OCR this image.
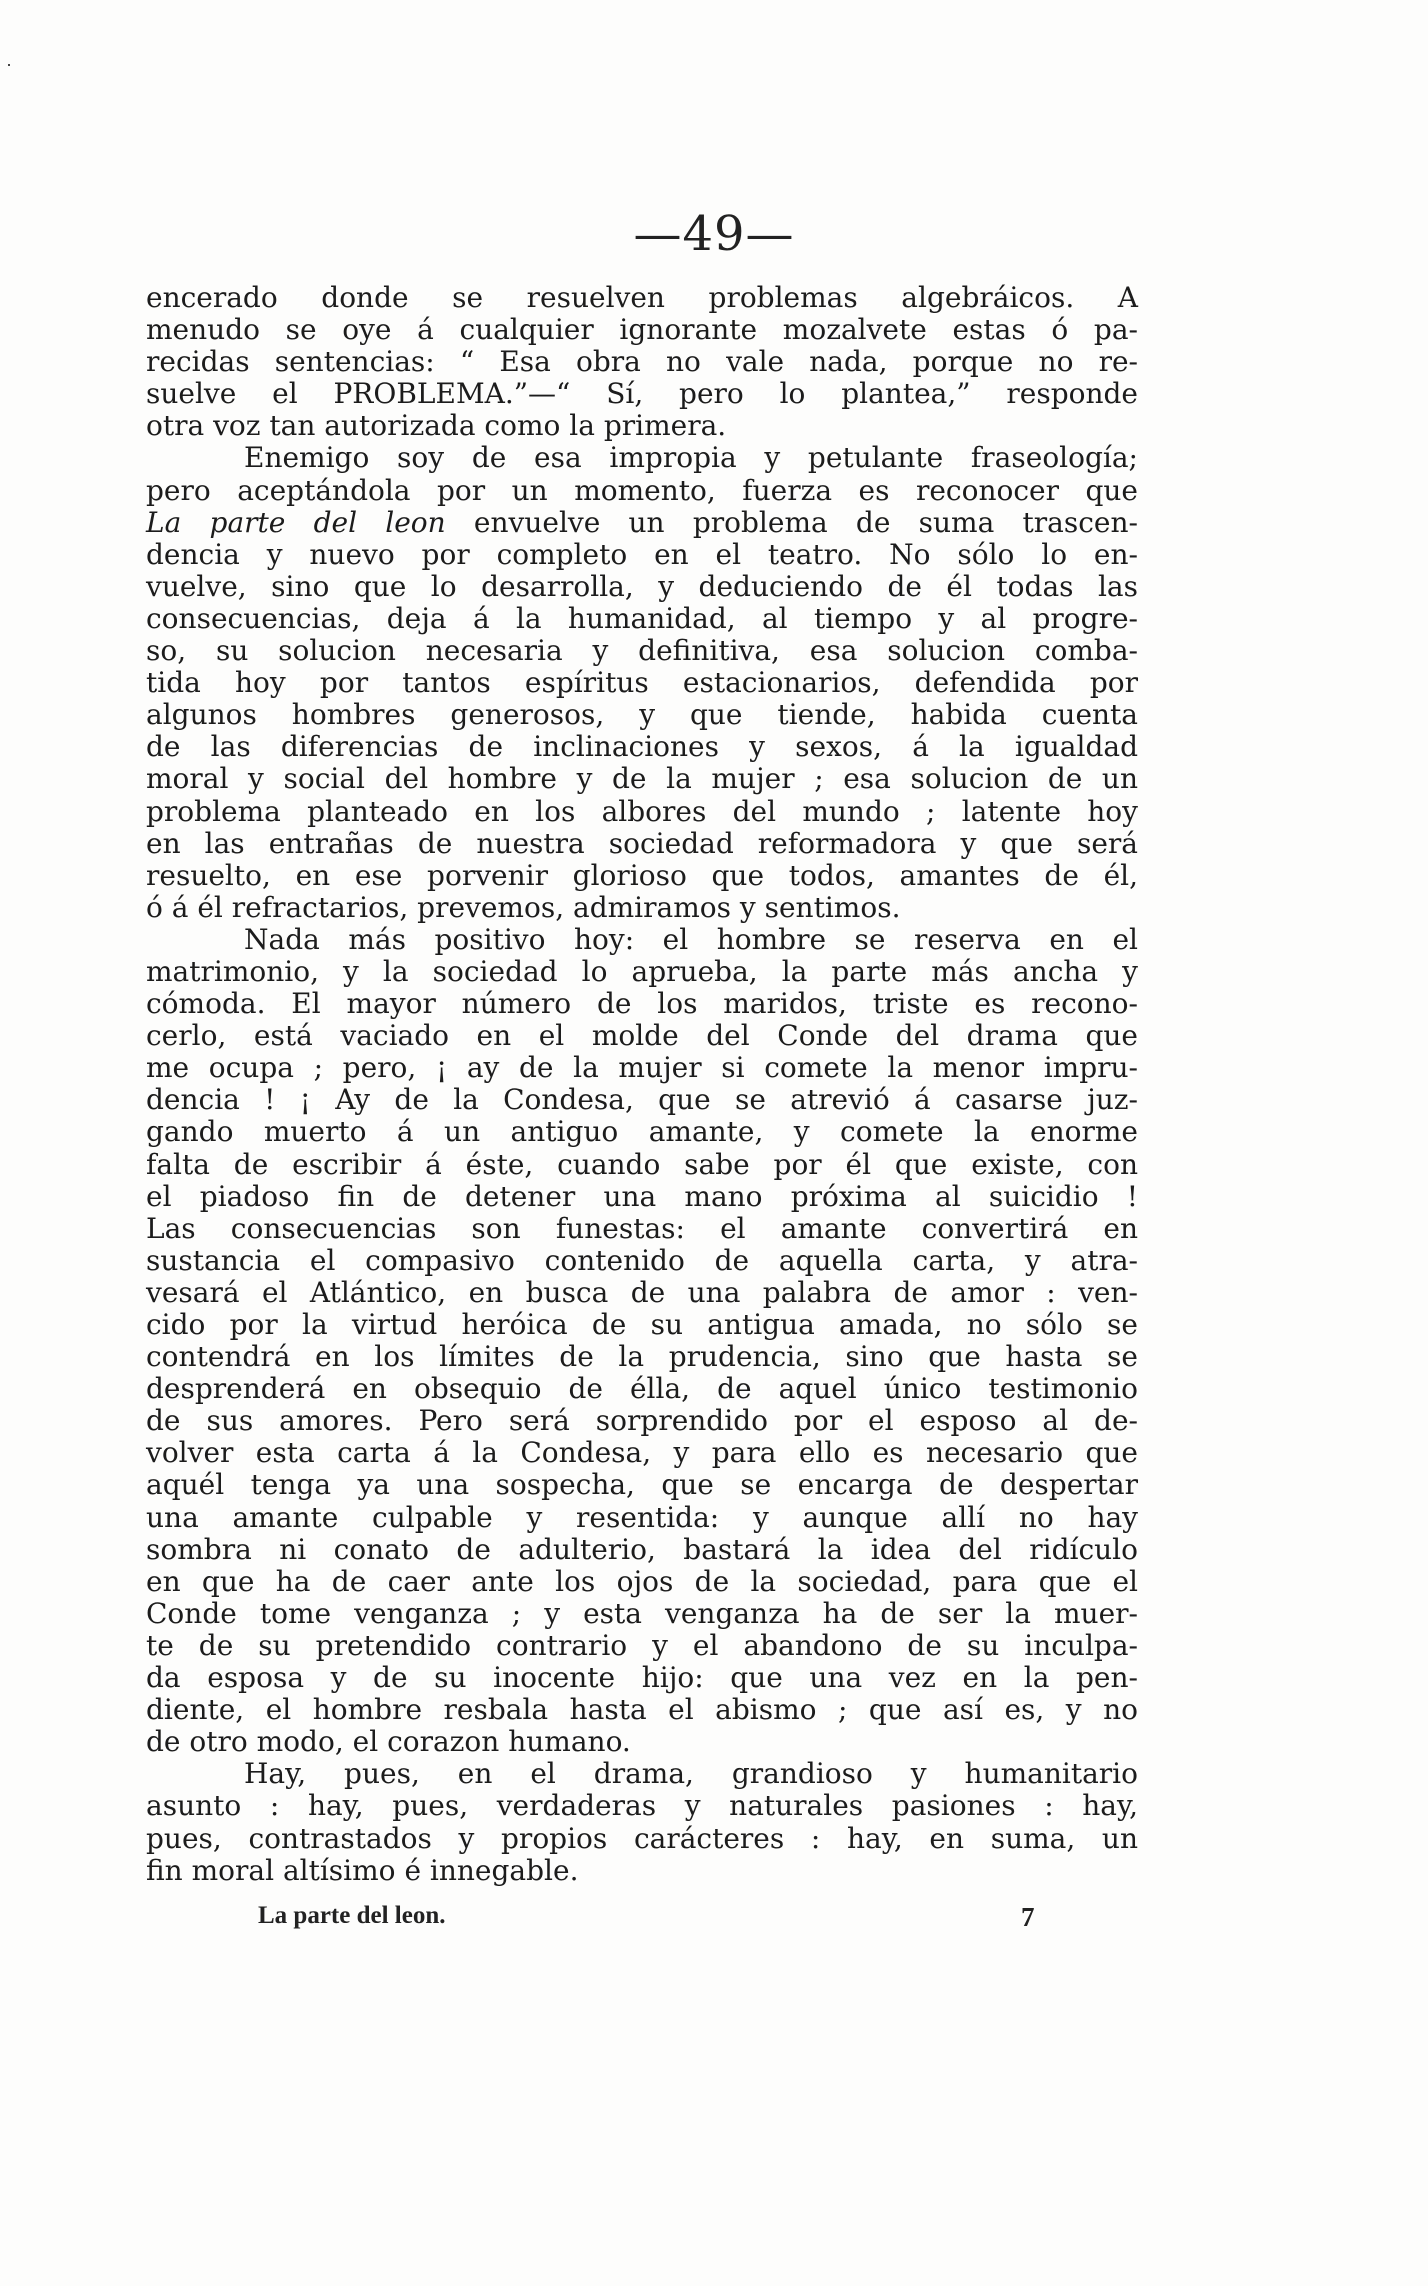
—49—
encerado donde se resuelven problemas algebráicos. A
menudo se oye á cualquier ignorante mozalvete estas ó pa-
recidas sentencias: “ Esa obra no vale nada, porque no re-
suelve el PROBLEMA.”—“ Sí, pero lo plantea,” responde
otra voz tan autorizada como la primera.
Enemigo soy de esa impropia y petulante fraseología;
pero aceptándola por un momento, fuerza es reconocer que
La parte del leon envuelve un problema de suma trascen-
dencia y nuevo por completo en el teatro. No sólo lo en-
vuelve, sino que lo desarrolla, y deduciendo de él todas las
consecuencias, deja á la humanidad, al tiempo y al progre-
so, su solucion necesaria y definitiva, esa solucion comba-
tida hoy por tantos espíritus estacionarios, defendida por
algunos hombres generosos, y que tiende, habida cuenta
de las diferencias de inclinaciones y sexos, á la igualdad
moral y social del hombre y de la mujer ; esa solucion de un
problema planteado en los albores del mundo ; latente hoy
en las entrañas de nuestra sociedad reformadora y que será
resuelto, en ese porvenir glorioso que todos, amantes de él,
ó á él refractarios, prevemos, admiramos y sentimos.
Nada más positivo hoy: el hombre se reserva en el
matrimonio, y la sociedad lo aprueba, la parte más ancha y
cómoda. El mayor número de los maridos, triste es recono-
cerlo, está vaciado en el molde del Conde del drama que
me ocupa ; pero, ¡ ay de la mujer si comete la menor impru-
dencia ! ¡ Ay de la Condesa, que se atrevió á casarse juz-
gando muerto á un antiguo amante, y comete la enorme
falta de escribir á éste, cuando sabe por él que existe, con
el piadoso fin de detener una mano próxima al suicidio !
Las consecuencias son funestas: el amante convertirá en
sustancia el compasivo contenido de aquella carta, y atra-
vesará el Atlántico, en busca de una palabra de amor : ven-
cido por la virtud heróica de su antigua amada, no sólo se
contendrá en los límites de la prudencia, sino que hasta se
desprenderá en obsequio de élla, de aquel único testimonio
de sus amores. Pero será sorprendido por el esposo al de-
volver esta carta á la Condesa, y para ello es necesario que
aquél tenga ya una sospecha, que se encarga de despertar
una amante culpable y resentida: y aunque allí no hay
sombra ni conato de adulterio, bastará la idea del ridículo
en que ha de caer ante los ojos de la sociedad, para que el
Conde tome venganza ; y esta venganza ha de ser la muer-
te de su pretendido contrario y el abandono de su inculpa-
da esposa y de su inocente hijo: que una vez en la pen-
diente, el hombre resbala hasta el abismo ; que así es, y no
de otro modo, el corazon humano.
Hay, pues, en el drama, grandioso y humanitario
asunto : hay, pues, verdaderas y naturales pasiones : hay,
pues, contrastados y propios carácteres : hay, en suma, un
fin moral altísimo é innegable.
La parte del leon.	7
